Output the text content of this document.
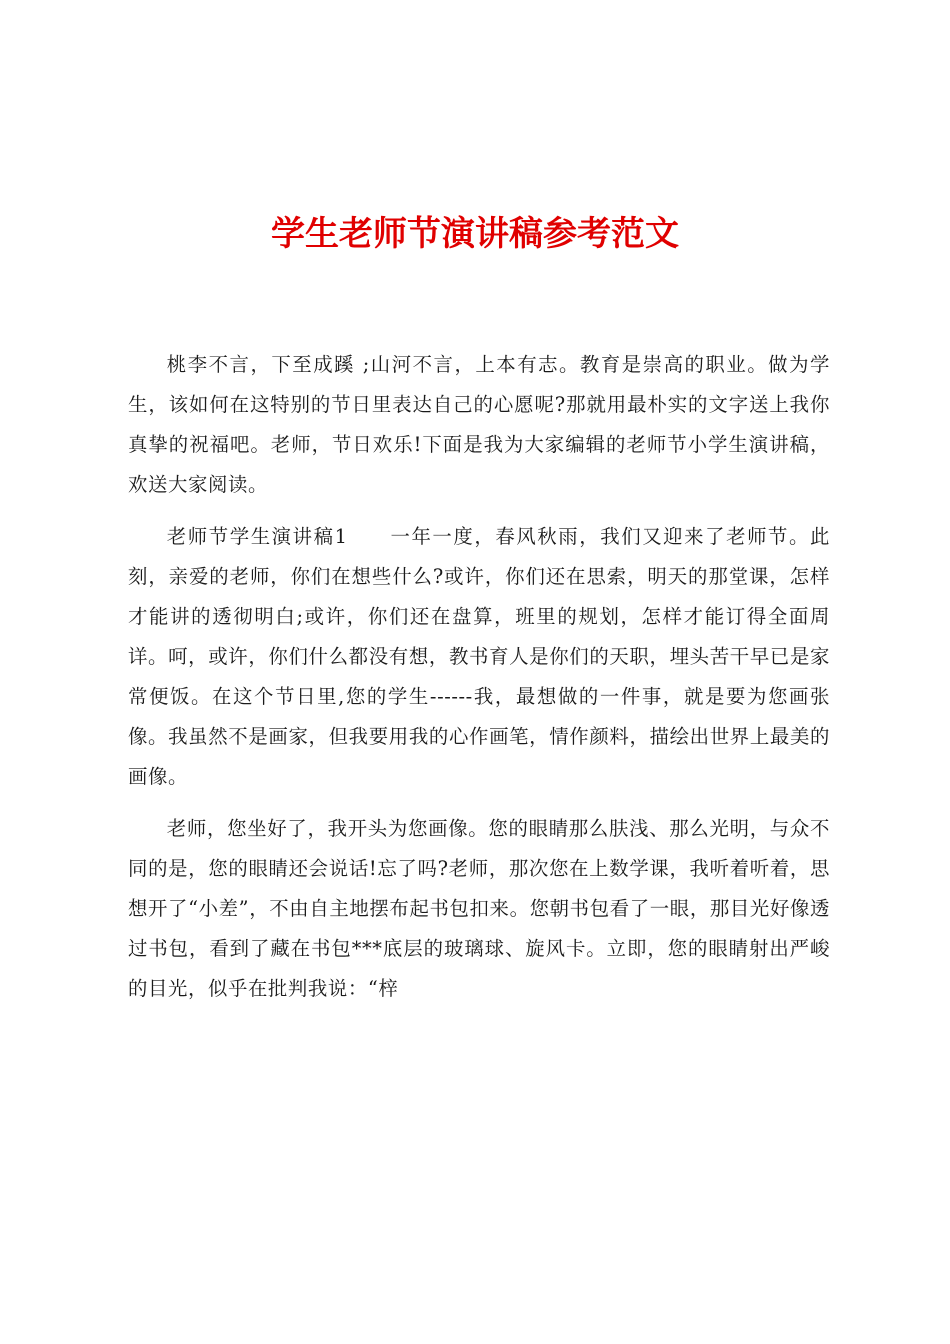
学生老师节演讲稿参考范文

桃李不言，下至成蹊 ;山河不言，上本有志。教育是崇高的职业。做为学生，该如何在这特别的节日里表达自己的心愿呢?那就用最朴实的文字送上我你真挚的祝福吧。老师，节日欢乐!下面是我为大家编辑的老师节小学生演讲稿，欢送大家阅读。

老师节学生演讲稿1　　一年一度，春风秋雨，我们又迎来了老师节。此刻，亲爱的老师，你们在想些什么?或许，你们还在思索，明天的那堂课，怎样才能讲的透彻明白;或许，你们还在盘算，班里的规划，怎样才能订得全面周详。呵，或许，你们什么都没有想，教书育人是你们的天职，埋头苦干早已是家常便饭。在这个节日里,您的学生------我，最想做的一件事，就是要为您画张像。我虽然不是画家，但我要用我的心作画笔，情作颜料，描绘出世界上最美的画像。

老师，您坐好了，我开头为您画像。您的眼睛那么肤浅、那么光明，与众不同的是，您的眼睛还会说话!忘了吗?老师，那次您在上数学课，我听着听着，思想开了“小差”，不由自主地摆布起书包扣来。您朝书包看了一眼，那目光好像透过书包，看到了藏在书包***底层的玻璃球、旋风卡。立即，您的眼睛射出严峻的目光，似乎在批判我说：“梓
